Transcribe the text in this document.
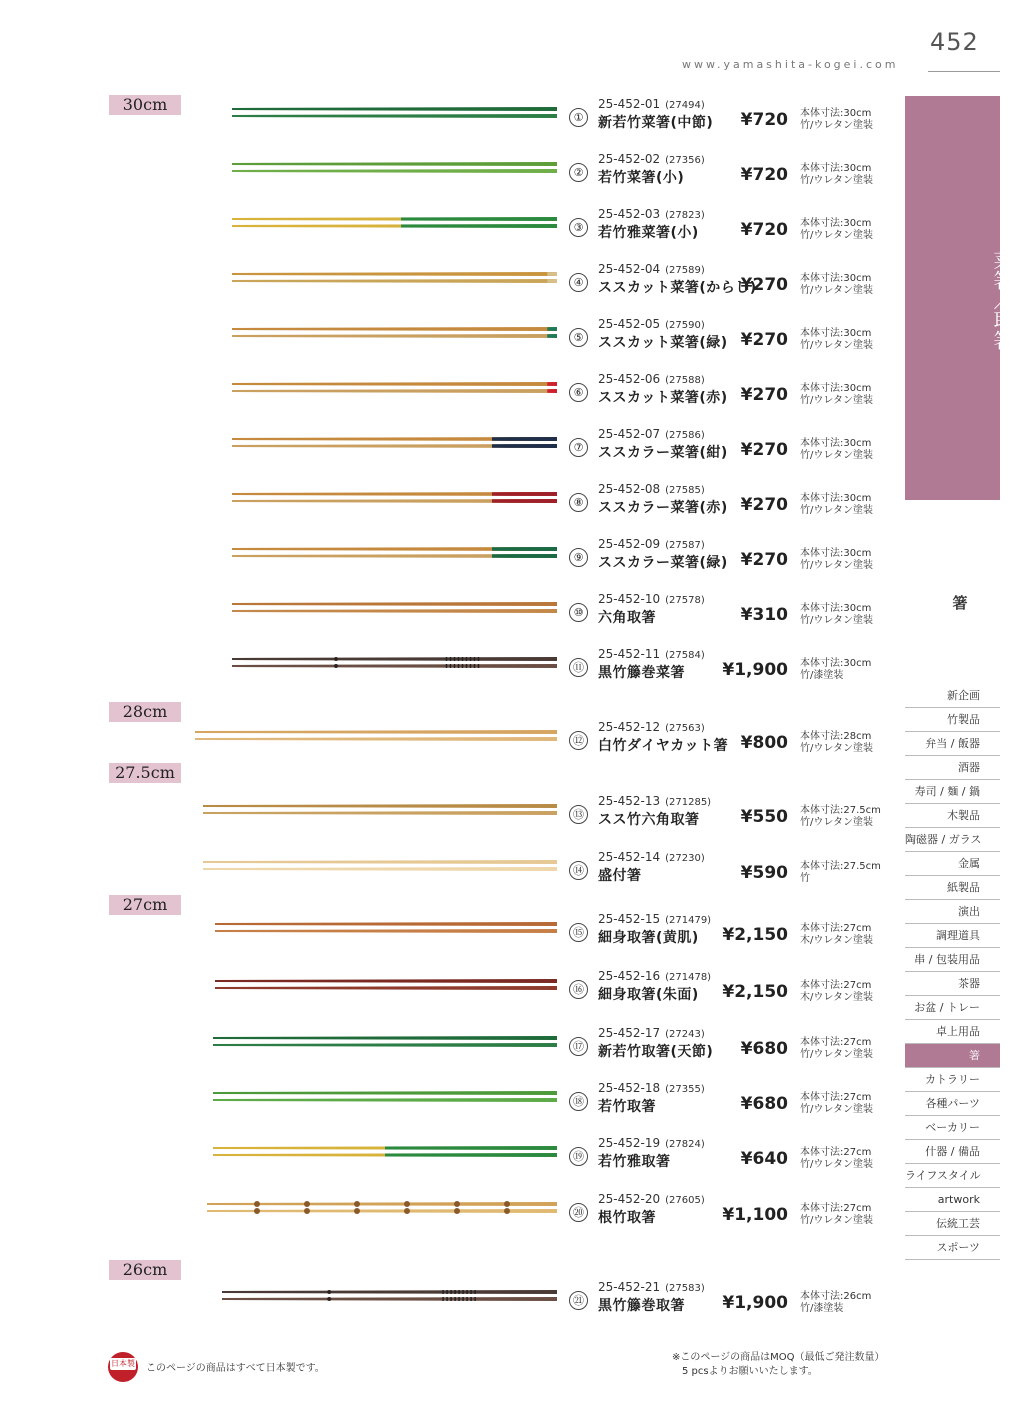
452
www.yamashita-kogei.com
30cm
28cm
27.5cm
27cm
26cm
①
25-452-01 (27494)
新若竹菜箸(中節)	¥720 本体寸法:30cm
竹/ウレタン塗装
②
25-452-02 (27356)
若竹菜箸(小)	¥720 本体寸法:30cm
竹/ウレタン塗装
③
25-452-03 (27823)
若竹雅菜箸(小)	¥720 本体寸法:30cm
竹/ウレタン塗装
④
25-452-04 (27589)
ススカット菜箸(からし)
¥270 本体寸法:30cm
竹/ウレタン塗装
⑤
25-452-05 (27590)
ススカット菜箸(緑) ¥270 本体寸法:30cm
竹/ウレタン塗装
⑥
25-452-06 (27588)
ススカット菜箸(赤) ¥270 本体寸法:30cm
竹/ウレタン塗装
⑦
25-452-07 (27586)
ススカラー菜箸(紺) ¥270 本体寸法:30cm
竹/ウレタン塗装
⑧
25-452-08 (27585)
ススカラー菜箸(赤) ¥270 本体寸法:30cm
竹/ウレタン塗装
⑨
25-452-09 (27587)
ススカラー菜箸(緑) ¥270 本体寸法:30cm
竹/ウレタン塗装
⑩
25-452-10 (27578)
六角取箸	¥310 本体寸法:30cm
竹/ウレタン塗装
⑪
25-452-11 (27584)
黒竹籐巻菜箸	¥1,900 本体寸法:30cm
竹/漆塗装
⑫
25-452-12 (27563)
白竹ダイヤカット箸 ¥800 本体寸法:28cm
竹/ウレタン塗装
⑬
25-452-13 (271285)
スス竹六角取箸	¥550 本体寸法:27.5cm
竹/ウレタン塗装
⑭
25-452-14 (27230)
盛付箸	¥590 本体寸法:27.5cm
竹
⑮
25-452-15 (271479)
細身取箸(黄肌)	¥2,150 本体寸法:27cm
木/ウレタン塗装
⑯
25-452-16 (271478)
細身取箸(朱面)	¥2,150 本体寸法:27cm
木/ウレタン塗装
⑰
25-452-17 (27243)
新若竹取箸(天節)	¥680 本体寸法:27cm
竹/ウレタン塗装
⑱
25-452-18 (27355)
若竹取箸	¥680 本体寸法:27cm
竹/ウレタン塗装
⑲
25-452-19 (27824)
若竹雅取箸	¥640 本体寸法:27cm
竹/ウレタン塗装
⑳
25-452-20 (27605)
根竹取箸	¥1,100 本体寸法:27cm
竹/ウレタン塗装
㉑
25-452-21 (27583)
黒竹籐巻取箸	¥1,900 本体寸法:26cm
竹/漆塗装
菜箸／取箸
箸
新企画
竹製品
弁当 / 飯器
酒器
寿司 / 麺 / 鍋
木製品
陶磁器 / ガラス
金属
紙製品
演出
調理道具
串 / 包装用品
茶器
お盆 / トレー
卓上用品
箸
カトラリー
各種パーツ
ベーカリー
什器 / 備品
ライフスタイル
artwork
伝統工芸
スポーツ
日本製 このページの商品はすべて日本製です。
※このページの商品はMOQ（最低ご発注数量）
5 pcsよりお願いいたします。
